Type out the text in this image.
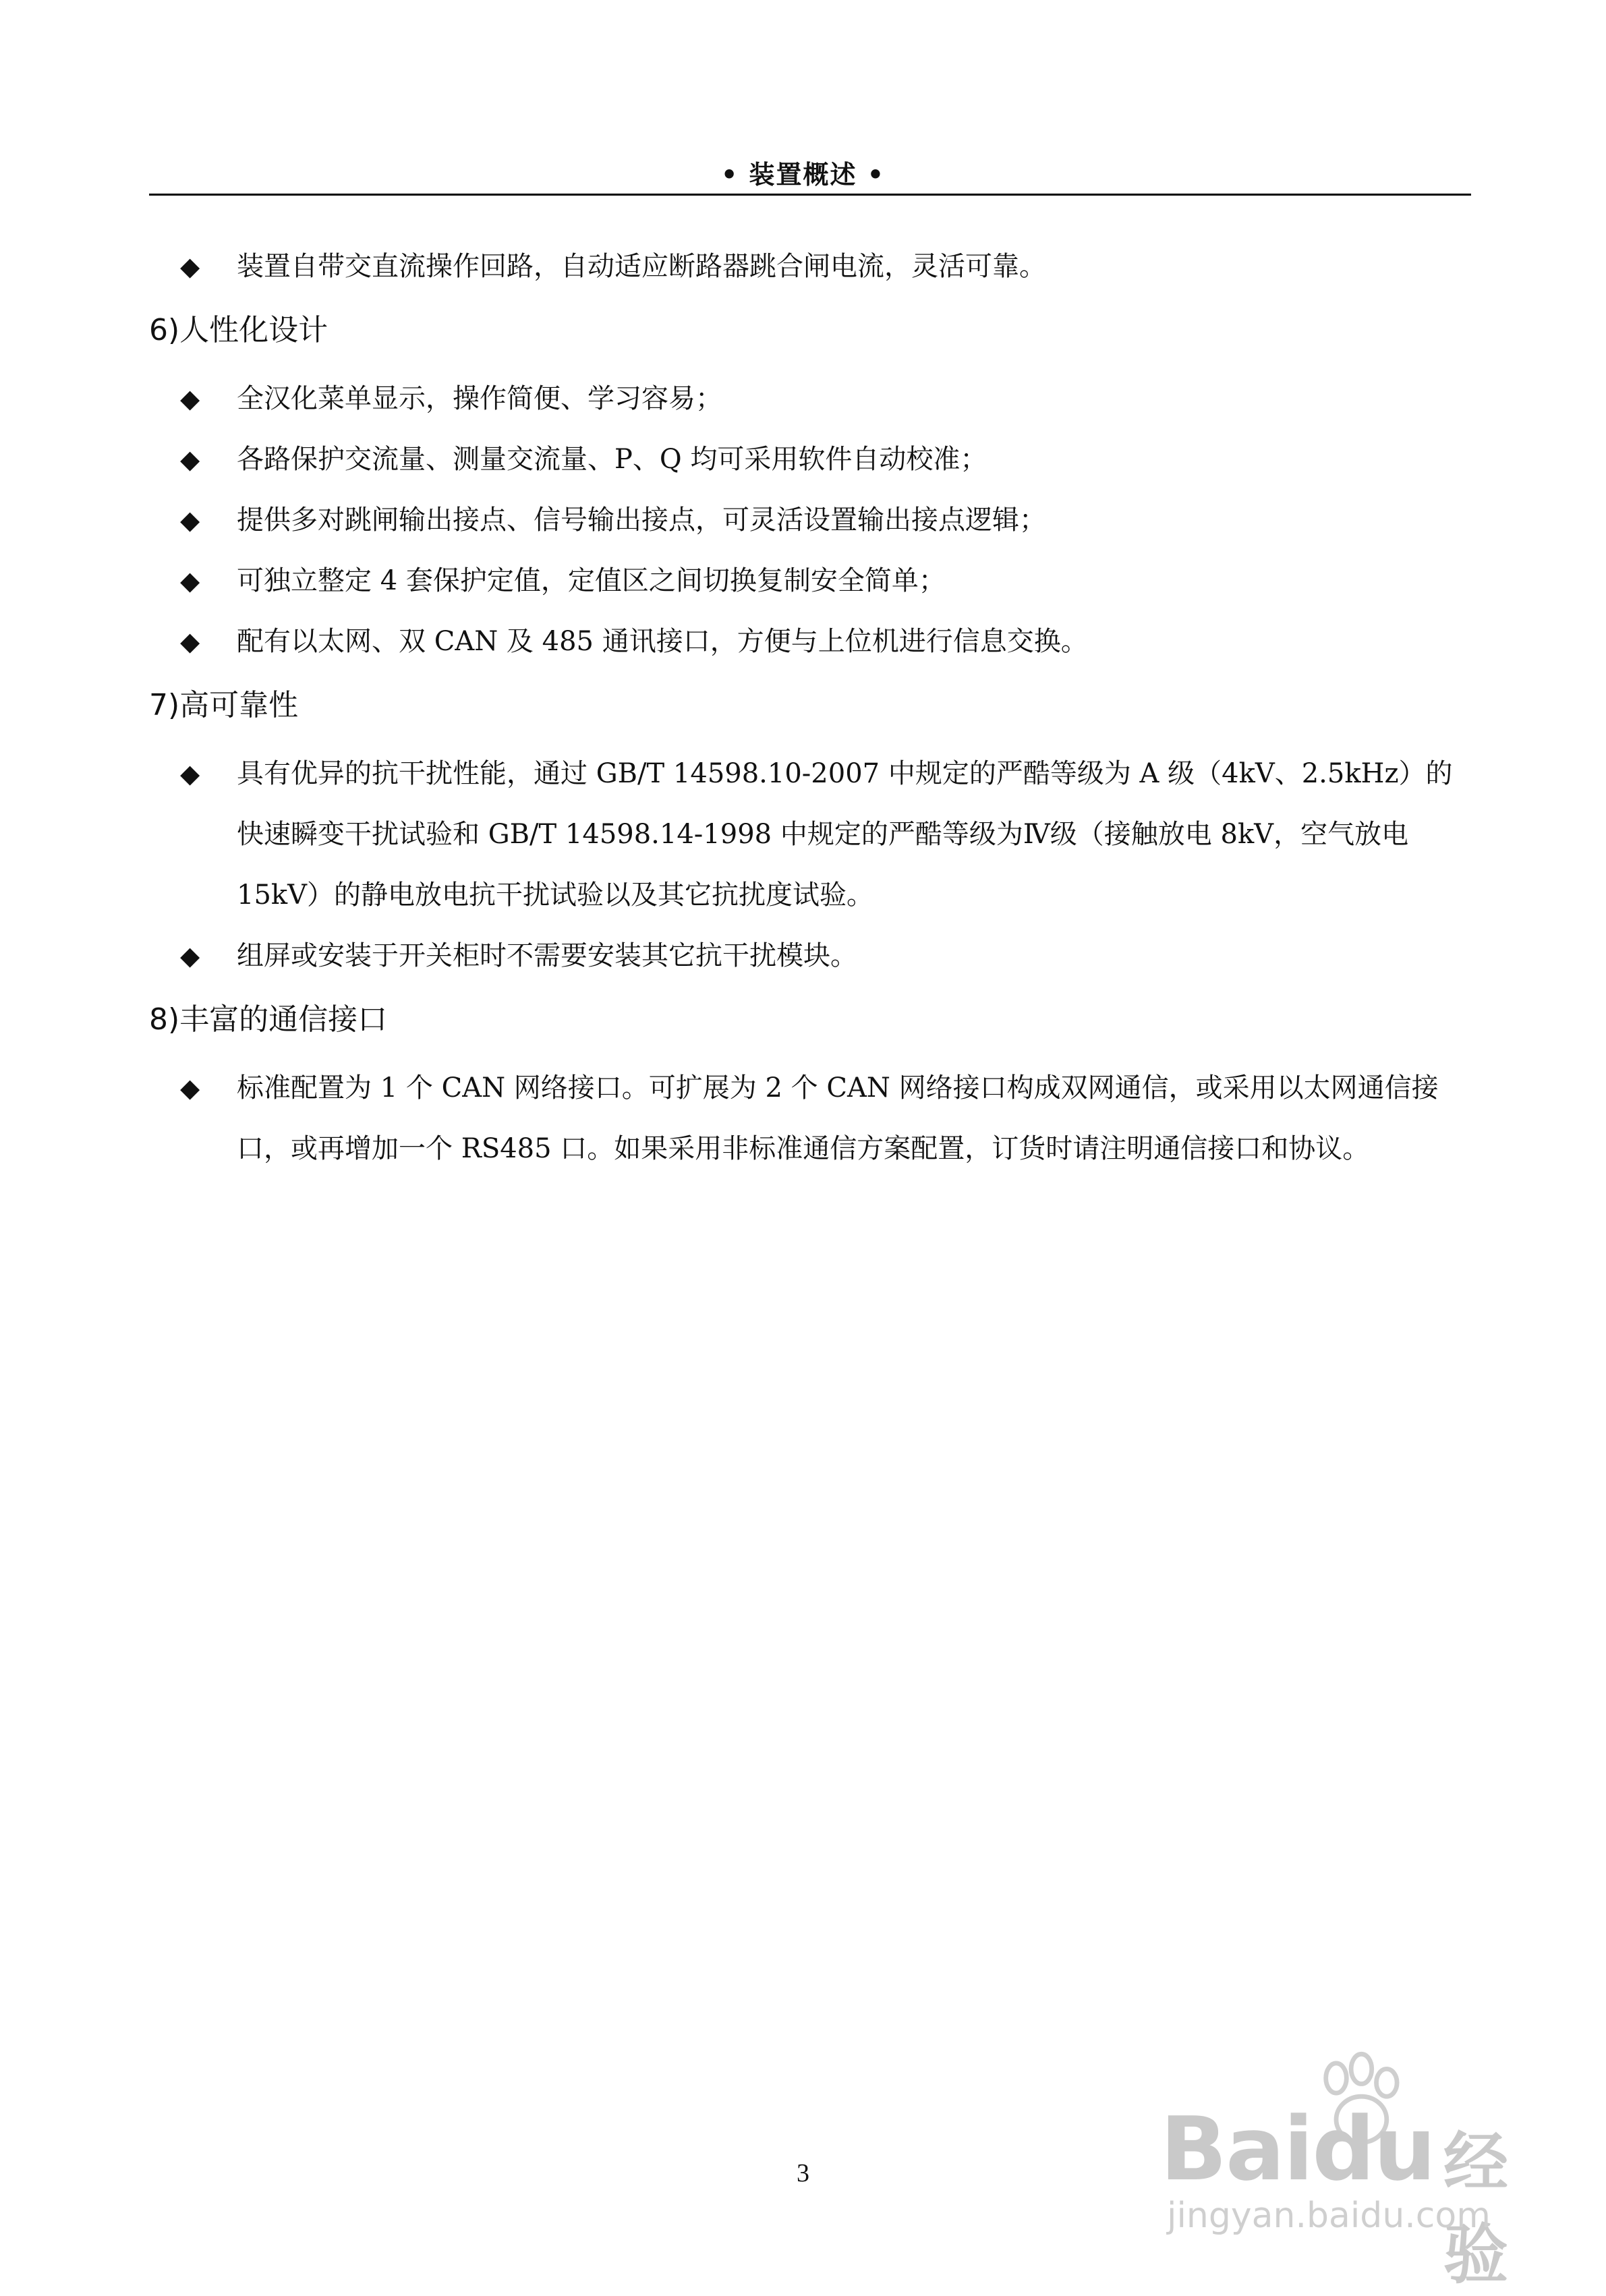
• 装置概述 •
◆ 装置自带交直流操作回路，自动适应断路器跳合闸电流，灵活可靠。
6)人性化设计
◆ 全汉化菜单显示，操作简便、学习容易；
◆ 各路保护交流量、测量交流量、P、Q 均可采用软件自动校准；
◆ 提供多对跳闸输出接点、信号输出接点，可灵活设置输出接点逻辑；
◆ 可独立整定 4 套保护定值，定值区之间切换复制安全简单；
◆ 配有以太网、双 CAN 及 485 通讯接口，方便与上位机进行信息交换。
7)高可靠性
◆ 具有优异的抗干扰性能，通过 GB/T 14598.10-2007 中规定的严酷等级为 A 级（4kV、2.5kHz）的快速瞬变干扰试验和 GB/T 14598.14-1998 中规定的严酷等级为Ⅳ级（接触放电 8kV，空气放电 15kV）的静电放电抗干扰试验以及其它抗扰度试验。
◆ 组屏或安装于开关柜时不需要安装其它抗干扰模块。
8)丰富的通信接口
◆ 标准配置为 1 个 CAN 网络接口。可扩展为 2 个 CAN 网络接口构成双网通信，或采用以太网通信接口，或再增加一个 RS485 口。如果采用非标准通信方案配置，订货时请注明通信接口和协议。
3	Baidu 经验
jingyan.baidu.com
